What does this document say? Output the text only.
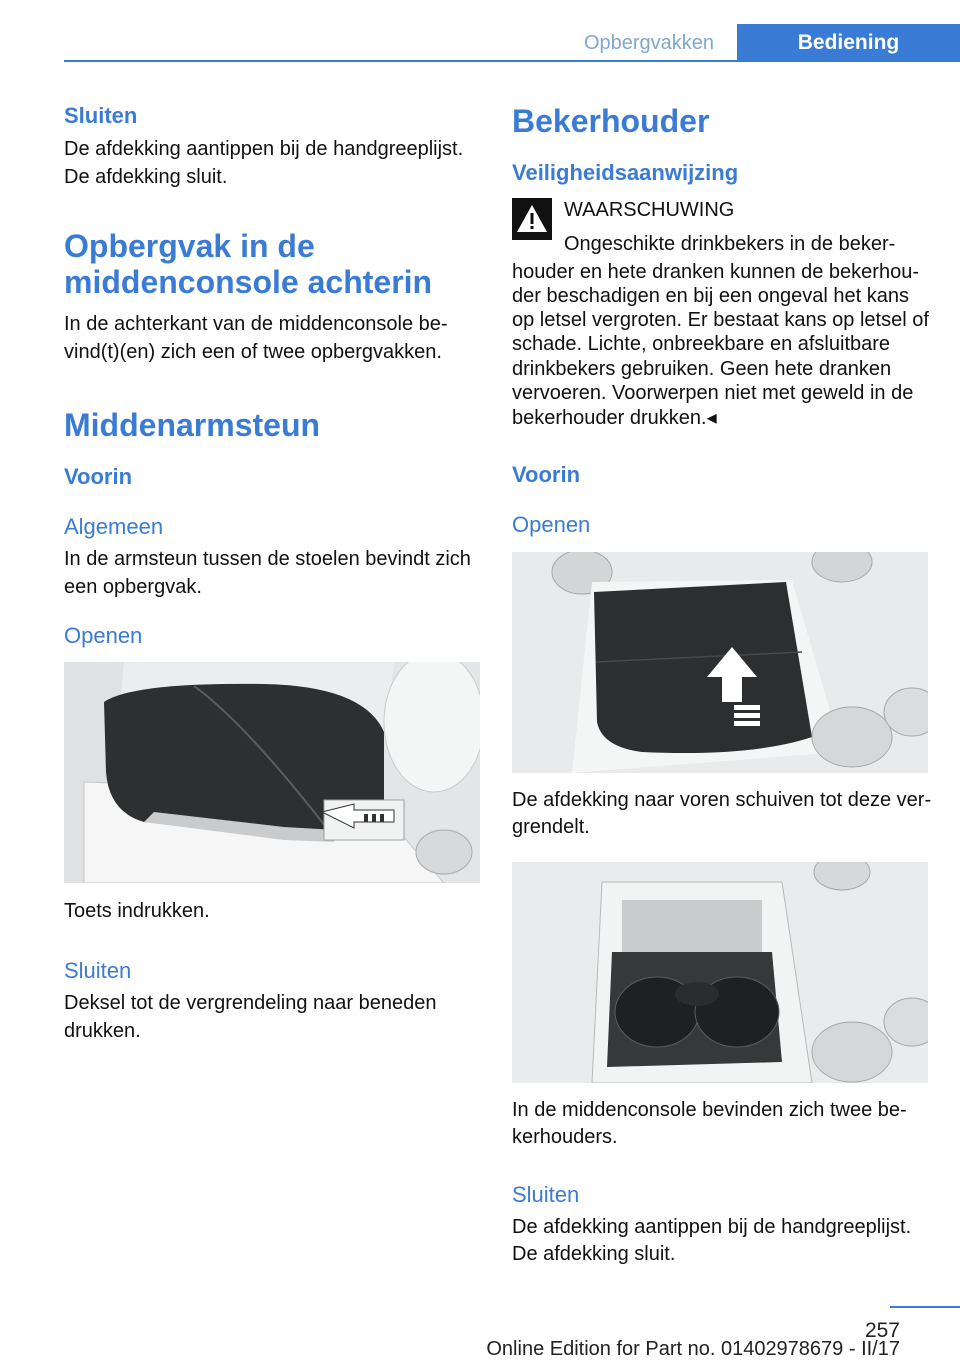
Opbergvakken	Bediening
Sluiten
De afdekking aantippen bij de handgreeplijst.
De afdekking sluit.
Opbergvak in de
middenconsole achterin
In de achterkant van de middenconsole be-
vind(t)(en) zich een of twee opbergvakken.
Middenarmsteun
Voorin
Algemeen
In de armsteun tussen de stoelen bevindt zich
een opbergvak.
Openen
Toets indrukken.
Sluiten
Deksel tot de vergrendeling naar beneden
drukken.
Bekerhouder
Veiligheidsaanwijzing
WAARSCHUWING
Ongeschikte drinkbekers in de beker-
houder en hete dranken kunnen de bekerhou-
der beschadigen en bij een ongeval het kans
op letsel vergroten. Er bestaat kans op letsel of
schade. Lichte, onbreekbare en afsluitbare
drinkbekers gebruiken. Geen hete dranken
vervoeren. Voorwerpen niet met geweld in de
bekerhouder drukken.◂
Voorin
Openen
De afdekking naar voren schuiven tot deze ver-
grendelt.
In de middenconsole bevinden zich twee be-
kerhouders.
Sluiten
De afdekking aantippen bij de handgreeplijst.
De afdekking sluit.
257
Online Edition for Part no. 01402978679 - II/17
